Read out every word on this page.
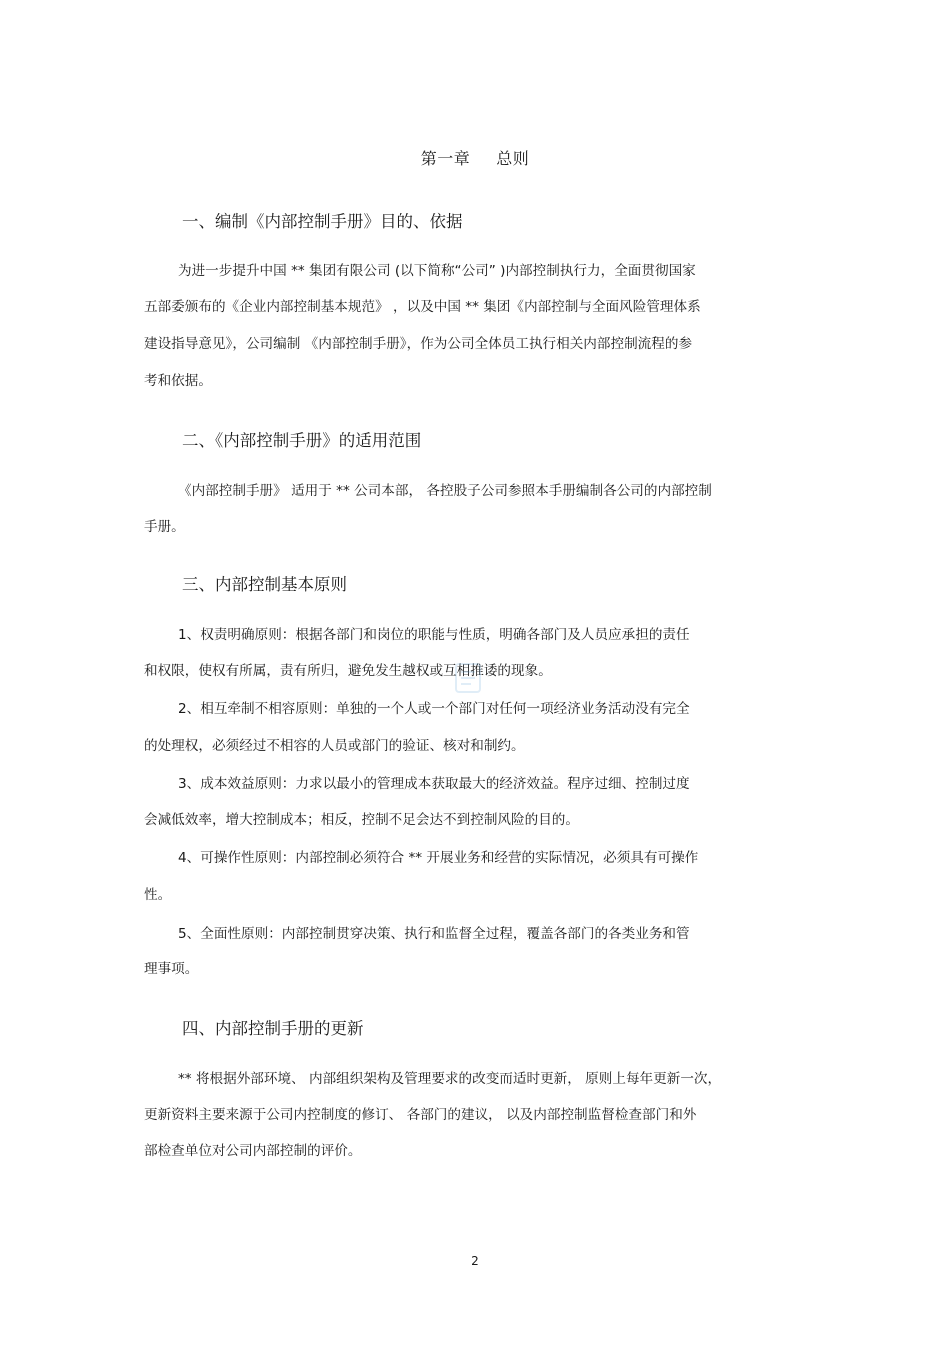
第一章 总则
一、编制《内部控制手册》目的、依据
为进一步提升中国 ** 集团有限公司 (以下简称“公司” )内部控制执行力，全面贯彻国家
五部委颁布的《企业内部控制基本规范》 ，以及中国 ** 集团《内部控制与全面风险管理体系
建设指导意见》，公司编制 《内部控制手册》，作为公司全体员工执行相关内部控制流程的参
考和依据。
二、《内部控制手册》的适用范围
《内部控制手册》 适用于 ** 公司本部， 各控股子公司参照本手册编制各公司的内部控制
手册。
三、内部控制基本原则
1、权责明确原则：根据各部门和岗位的职能与性质，明确各部门及人员应承担的责任
和权限，使权有所属，责有所归，避免发生越权或互相推诿的现象。
2、相互牵制不相容原则：单独的一个人或一个部门对任何一项经济业务活动没有完全
的处理权，必须经过不相容的人员或部门的验证、核对和制约。
3、成本效益原则：力求以最小的管理成本获取最大的经济效益。程序过细、控制过度
会减低效率，增大控制成本；相反，控制不足会达不到控制风险的目的。
4、可操作性原则：内部控制必须符合 ** 开展业务和经营的实际情况，必须具有可操作
性。
5、全面性原则：内部控制贯穿决策、执行和监督全过程，覆盖各部门的各类业务和管
理事项。
四、内部控制手册的更新
** 将根据外部环境、 内部组织架构及管理要求的改变而适时更新， 原则上每年更新一次，
更新资料主要来源于公司内控制度的修订、 各部门的建议， 以及内部控制监督检查部门和外
部检查单位对公司内部控制的评价。
2
